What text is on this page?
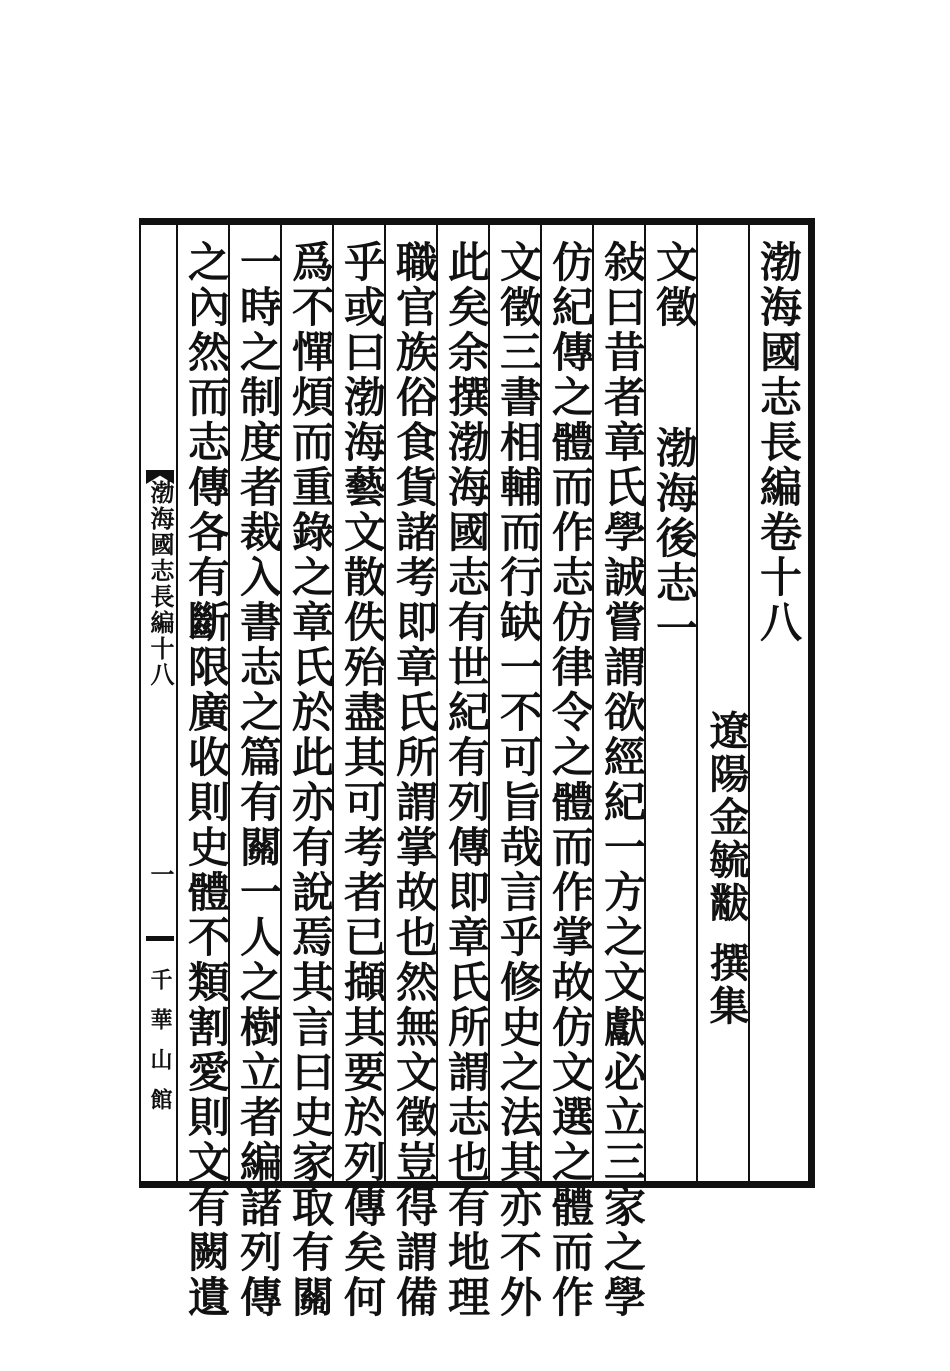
渤海國志長編卷十八
遼陽金毓黻 撰集
文徵渤海後志一
敍曰昔者章氏學誠嘗謂欲經紀一方之文獻必立三家之學
仿紀傳之體而作志仿律令之體而作掌故仿文選之體而作
文徵三書相輔而行缺一不可旨哉言乎修史之法其亦不外
此矣余撰渤海國志有世紀有列傳即章氏所謂志也有地理
職官族俗食貨諸考即章氏所謂掌故也然無文徵豈得謂備
乎或曰渤海藝文散佚殆盡其可考者已擷其要於列傳矣何
爲不憚煩而重錄之章氏於此亦有說焉其言曰史家取有關
一時之制度者裁入書志之篇有關一人之樹立者編諸列傳
之內然而志傳各有斷限廣收則史體不類割愛則文有闕遺
渤海國志長編十八
一
千華山館
